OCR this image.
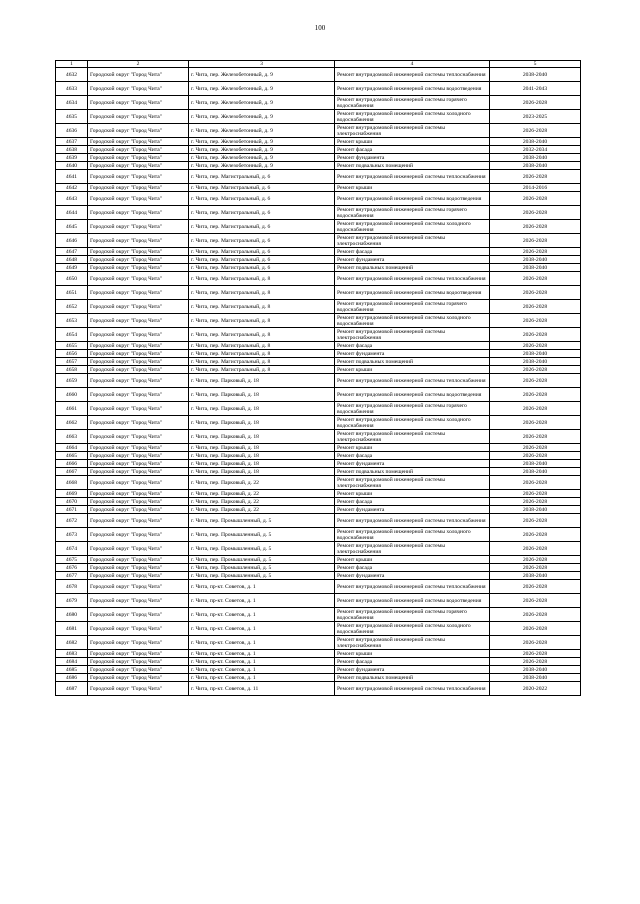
100
1	2	3	4	5
4632	Городской округ "Город Чита"	г. Чита, пер. Железобетонный, д. 9	Ремонт внутридомовой инженерной системы теплоснабжения	2038-2040
4633	Городской округ "Город Чита"	г. Чита, пер. Железобетонный, д. 9	Ремонт внутридомовой инженерной системы водоотведения	2041-2043
4634	Городской округ "Город Чита"	г. Чита, пер. Железобетонный, д. 9	Ремонт внутридомовой инженерной системы горячего водоснабжения	2026-2028
4635	Городской округ "Город Чита"	г. Чита, пер. Железобетонный, д. 9	Ремонт внутридомовой инженерной системы холодного водоснабжения	2023-2025
4636	Городской округ "Город Чита"	г. Чита, пер. Железобетонный, д. 9	Ремонт внутридомовой инженерной системы электроснабжения	2026-2028
4637	Городской округ "Город Чита"	г. Чита, пер. Железобетонный, д. 9	Ремонт крыши	2038-2040
4638	Городской округ "Город Чита"	г. Чита, пер. Железобетонный, д. 9	Ремонт фасада	2032-2034
4639	Городской округ "Город Чита"	г. Чита, пер. Железобетонный, д. 9	Ремонт фундамента	2038-2040
4640	Городской округ "Город Чита"	г. Чита, пер. Железобетонный, д. 9	Ремонт подвальных помещений	2038-2040
4641	Городской округ "Город Чита"	г. Чита, пер. Магистральный, д. 6	Ремонт внутридомовой инженерной системы теплоснабжения	2026-2028
4642	Городской округ "Город Чита"	г. Чита, пер. Магистральный, д. 6	Ремонт крыши	2014-2016
4643	Городской округ "Город Чита"	г. Чита, пер. Магистральный, д. 6	Ремонт внутридомовой инженерной системы водоотведения	2026-2028
4644	Городской округ "Город Чита"	г. Чита, пер. Магистральный, д. 6	Ремонт внутридомовой инженерной системы горячего водоснабжения	2026-2028
4645	Городской округ "Город Чита"	г. Чита, пер. Магистральный, д. 6	Ремонт внутридомовой инженерной системы холодного водоснабжения	2026-2028
4646	Городской округ "Город Чита"	г. Чита, пер. Магистральный, д. 6	Ремонт внутридомовой инженерной системы электроснабжения	2026-2028
4647	Городской округ "Город Чита"	г. Чита, пер. Магистральный, д. 6	Ремонт фасада	2026-2028
4648	Городской округ "Город Чита"	г. Чита, пер. Магистральный, д. 6	Ремонт фундамента	2038-2040
4649	Городской округ "Город Чита"	г. Чита, пер. Магистральный, д. 6	Ремонт подвальных помещений	2038-2040
4650	Городской округ "Город Чита"	г. Чита, пер. Магистральный, д. 8	Ремонт внутридомовой инженерной системы теплоснабжения	2026-2028
4651	Городской округ "Город Чита"	г. Чита, пер. Магистральный, д. 8	Ремонт внутридомовой инженерной системы водоотведения	2026-2028
4652	Городской округ "Город Чита"	г. Чита, пер. Магистральный, д. 8	Ремонт внутридомовой инженерной системы горячего водоснабжения	2026-2028
4653	Городской округ "Город Чита"	г. Чита, пер. Магистральный, д. 8	Ремонт внутридомовой инженерной системы холодного водоснабжения	2026-2028
4654	Городской округ "Город Чита"	г. Чита, пер. Магистральный, д. 8	Ремонт внутридомовой инженерной системы электроснабжения	2026-2028
4655	Городской округ "Город Чита"	г. Чита, пер. Магистральный, д. 8	Ремонт фасада	2026-2028
4656	Городской округ "Город Чита"	г. Чита, пер. Магистральный, д. 8	Ремонт фундамента	2038-2040
4657	Городской округ "Город Чита"	г. Чита, пер. Магистральный, д. 8	Ремонт подвальных помещений	2038-2040
4658	Городской округ "Город Чита"	г. Чита, пер. Магистральный, д. 8	Ремонт крыши	2026-2028
4659	Городской округ "Город Чита"	г. Чита, пер. Парковый, д. 18	Ремонт внутридомовой инженерной системы теплоснабжения	2026-2028
4660	Городской округ "Город Чита"	г. Чита, пер. Парковый, д. 18	Ремонт внутридомовой инженерной системы водоотведения	2026-2028
4661	Городской округ "Город Чита"	г. Чита, пер. Парковый, д. 18	Ремонт внутридомовой инженерной системы горячего водоснабжения	2026-2028
4662	Городской округ "Город Чита"	г. Чита, пер. Парковый, д. 18	Ремонт внутридомовой инженерной системы холодного водоснабжения	2026-2028
4663	Городской округ "Город Чита"	г. Чита, пер. Парковый, д. 18	Ремонт внутридомовой инженерной системы электроснабжения	2026-2028
4664	Городской округ "Город Чита"	г. Чита, пер. Парковый, д. 18	Ремонт крыши	2026-2028
4665	Городской округ "Город Чита"	г. Чита, пер. Парковый, д. 18	Ремонт фасада	2026-2028
4666	Городской округ "Город Чита"	г. Чита, пер. Парковый, д. 18	Ремонт фундамента	2038-2040
4667	Городской округ "Город Чита"	г. Чита, пер. Парковый, д. 18	Ремонт подвальных помещений	2038-2040
4668	Городской округ "Город Чита"	г. Чита, пер. Парковый, д. 22	Ремонт внутридомовой инженерной системы электроснабжения	2026-2028
4669	Городской округ "Город Чита"	г. Чита, пер. Парковый, д. 22	Ремонт крыши	2026-2028
4670	Городской округ "Город Чита"	г. Чита, пер. Парковый, д. 22	Ремонт фасада	2026-2028
4671	Городской округ "Город Чита"	г. Чита, пер. Парковый, д. 22	Ремонт фундамента	2038-2040
4672	Городской округ "Город Чита"	г. Чита, пер. Промышленный, д. 5	Ремонт внутридомовой инженерной системы теплоснабжения	2026-2028
4673	Городской округ "Город Чита"	г. Чита, пер. Промышленный, д. 5	Ремонт внутридомовой инженерной системы холодного водоснабжения	2026-2028
4674	Городской округ "Город Чита"	г. Чита, пер. Промышленный, д. 5	Ремонт внутридомовой инженерной системы электроснабжения	2026-2028
4675	Городской округ "Город Чита"	г. Чита, пер. Промышленный, д. 5	Ремонт крыши	2026-2028
4676	Городской округ "Город Чита"	г. Чита, пер. Промышленный, д. 5	Ремонт фасада	2026-2028
4677	Городской округ "Город Чита"	г. Чита, пер. Промышленный, д. 5	Ремонт фундамента	2038-2040
4678	Городской округ "Город Чита"	г. Чита, пр-кт. Советов, д. 1	Ремонт внутридомовой инженерной системы теплоснабжения	2026-2028
4679	Городской округ "Город Чита"	г. Чита, пр-кт. Советов, д. 1	Ремонт внутридомовой инженерной системы водоотведения	2026-2028
4680	Городской округ "Город Чита"	г. Чита, пр-кт. Советов, д. 1	Ремонт внутридомовой инженерной системы горячего водоснабжения	2026-2028
4681	Городской округ "Город Чита"	г. Чита, пр-кт. Советов, д. 1	Ремонт внутридомовой инженерной системы холодного водоснабжения	2026-2028
4682	Городской округ "Город Чита"	г. Чита, пр-кт. Советов, д. 1	Ремонт внутридомовой инженерной системы электроснабжения	2026-2028
4683	Городской округ "Город Чита"	г. Чита, пр-кт. Советов, д. 1	Ремонт крыши	2026-2028
4684	Городской округ "Город Чита"	г. Чита, пр-кт. Советов, д. 1	Ремонт фасада	2026-2028
4685	Городской округ "Город Чита"	г. Чита, пр-кт. Советов, д. 1	Ремонт фундамента	2038-2040
4686	Городской округ "Город Чита"	г. Чита, пр-кт. Советов, д. 1	Ремонт подвальных помещений	2038-2040
4687	Городской округ "Город Чита"	г. Чита, пр-кт. Советов, д. 11	Ремонт внутридомовой инженерной системы теплоснабжения	2020-2022
